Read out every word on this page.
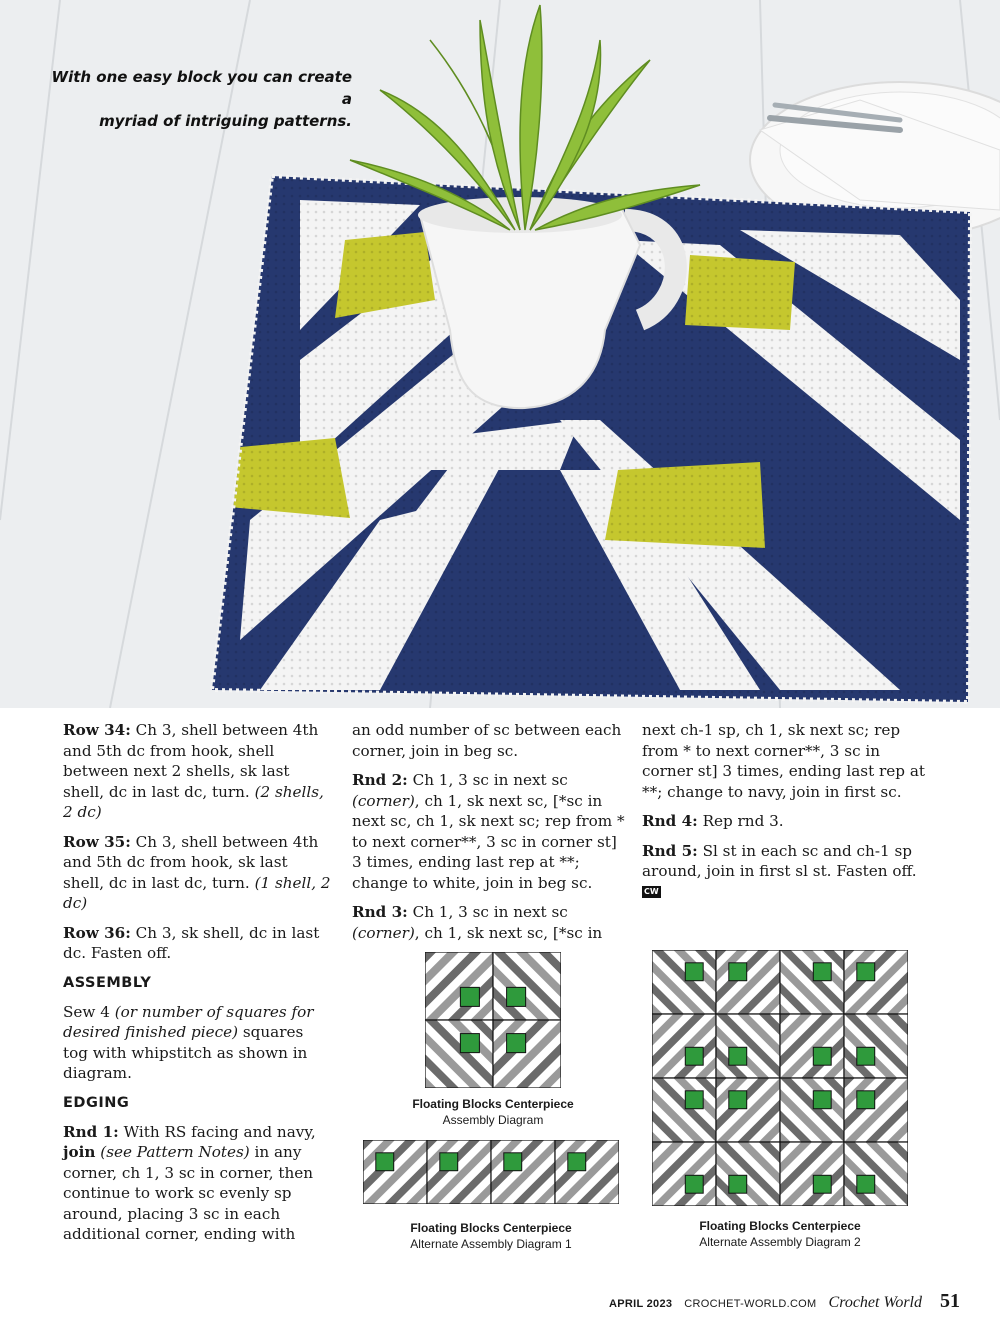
With one easy block you can create a
myriad of intriguing patterns.

Row 34: Ch 3, shell between 4th and 5th dc from hook, shell between next 2 shells, sk last shell, dc in last dc, turn. (2 shells, 2 dc)

Row 35: Ch 3, shell between 4th and 5th dc from hook, sk last shell, dc in last dc, turn. (1 shell, 2 dc)

Row 36: Ch 3, sk shell, dc in last dc. Fasten off.

ASSEMBLY

Sew 4 (or number of squares for desired finished piece) squares tog with whipstitch as shown in diagram.

EDGING

Rnd 1: With RS facing and navy, join (see Pattern Notes) in any corner, ch 1, 3 sc in corner, then continue to work sc evenly sp around, placing 3 sc in each additional corner, ending with

an odd number of sc between each corner, join in beg sc.

Rnd 2: Ch 1, 3 sc in next sc (corner), ch 1, sk next sc, [*sc in next sc, ch 1, sk next sc; rep from * to next corner**, 3 sc in corner st] 3 times, ending last rep at **; change to white, join in beg sc.

Rnd 3: Ch 1, 3 sc in next sc (corner), ch 1, sk next sc, [*sc in

next ch-1 sp, ch 1, sk next sc; rep from * to next corner**, 3 sc in corner st] 3 times, ending last rep at **; change to navy, join in first sc.

Rnd 4: Rep rnd 3.

Rnd 5: Sl st in each sc and ch-1 sp around, join in first sl st. Fasten off. CW

Floating Blocks Centerpiece
Assembly Diagram
Floating Blocks Centerpiece
Alternate Assembly Diagram 1
Floating Blocks Centerpiece
Alternate Assembly Diagram 2
APRIL 2023 CROCHET-WORLD.COM Crochet World 51
